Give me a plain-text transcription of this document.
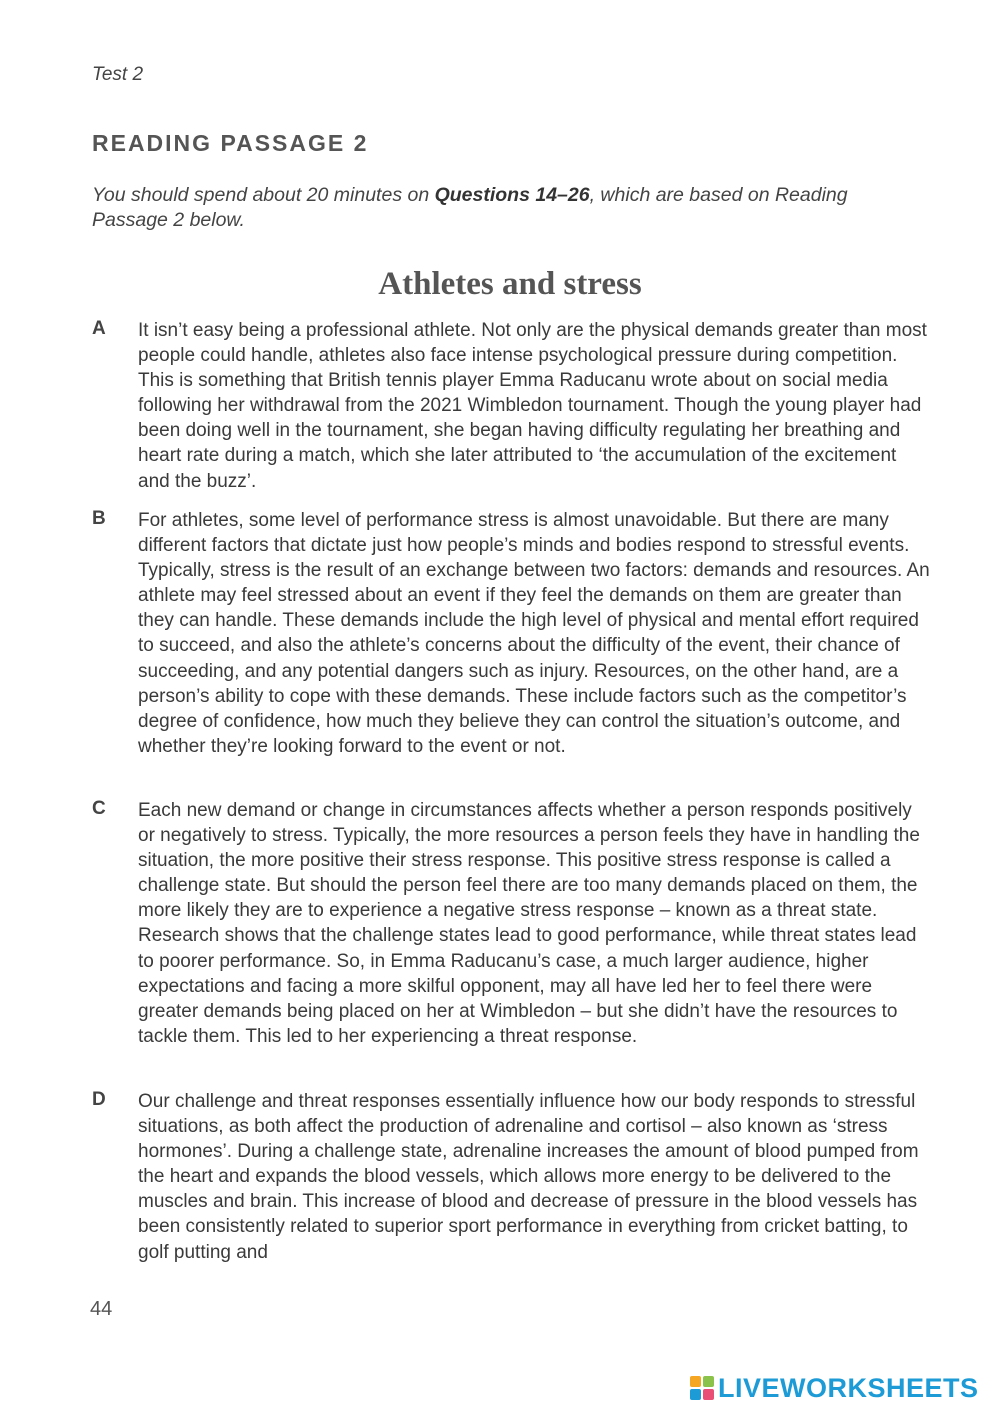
Test 2
READING PASSAGE 2
You should spend about 20 minutes on Questions 14–26, which are based on Reading Passage 2 below.
Athletes and stress
A It isn’t easy being a professional athlete. Not only are the physical demands greater than most people could handle, athletes also face intense psychological pressure during competition. This is something that British tennis player Emma Raducanu wrote about on social media following her withdrawal from the 2021 Wimbledon tournament. Though the young player had been doing well in the tournament, she began having difficulty regulating her breathing and heart rate during a match, which she later attributed to ‘the accumulation of the excitement and the buzz’.
B For athletes, some level of performance stress is almost unavoidable. But there are many different factors that dictate just how people’s minds and bodies respond to stressful events. Typically, stress is the result of an exchange between two factors: demands and resources. An athlete may feel stressed about an event if they feel the demands on them are greater than they can handle. These demands include the high level of physical and mental effort required to succeed, and also the athlete’s concerns about the difficulty of the event, their chance of succeeding, and any potential dangers such as injury. Resources, on the other hand, are a person’s ability to cope with these demands. These include factors such as the competitor’s degree of confidence, how much they believe they can control the situation’s outcome, and whether they’re looking forward to the event or not.
C Each new demand or change in circumstances affects whether a person responds positively or negatively to stress. Typically, the more resources a person feels they have in handling the situation, the more positive their stress response. This positive stress response is called a challenge state. But should the person feel there are too many demands placed on them, the more likely they are to experience a negative stress response – known as a threat state. Research shows that the challenge states lead to good performance, while threat states lead to poorer performance. So, in Emma Raducanu’s case, a much larger audience, higher expectations and facing a more skilful opponent, may all have led her to feel there were greater demands being placed on her at Wimbledon – but she didn’t have the resources to tackle them. This led to her experiencing a threat response.
D Our challenge and threat responses essentially influence how our body responds to stressful situations, as both affect the production of adrenaline and cortisol – also known as ‘stress hormones’. During a challenge state, adrenaline increases the amount of blood pumped from the heart and expands the blood vessels, which allows more energy to be delivered to the muscles and brain. This increase of blood and decrease of pressure in the blood vessels has been consistently related to superior sport performance in everything from cricket batting, to golf putting and
44
LIVEWORKSHEETS
